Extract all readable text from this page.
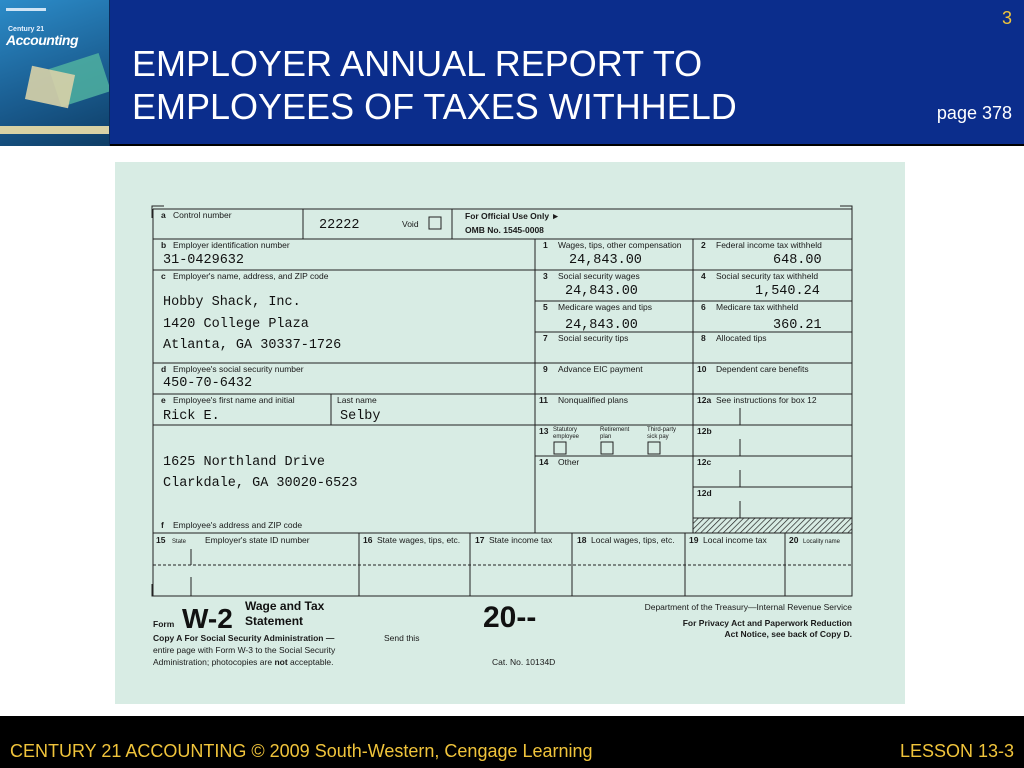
Century 21
Accounting
EMPLOYER ANNUAL REPORT TO
EMPLOYEES OF TAXES WITHHELD
3
page 378
a Control number
22222	Void
For Official Use Only ►
OMB No. 1545-0008
b Employer identification number
31-0429632
1 Wages, tips, other compensation
24,843.00
2 Federal income tax withheld
648.00
c Employer's name, address, and ZIP code
Hobby Shack, Inc.
1420 College Plaza
Atlanta, GA 30337-1726
3 Social security wages
24,843.00
4 Social security tax withheld
1,540.24
5 Medicare wages and tips
24,843.00
6 Medicare tax withheld
360.21
7 Social security tips	8 Allocated tips
d Employee's social security number
450-70-6432
9 Advance EIC payment	10 Dependent care benefits
e Employee's first name and initial	Last name
Rick E.	Selby
11 Nonqualified plans	12a See instructions for box 12
13 Statutory
employee
Retirement
plan
Third-party
sick pay
12b
14 Other	12c
12d
1625 Northland Drive
Clarkdale, GA 30020-6523
f Employee's address and ZIP code
15 State Employer's state ID number	16 State wages, tips, etc. 17 State income tax	18 Local wages, tips, etc. 19 Local income tax	20 Locality name
Form W-2 Wage and Tax
Statement	20--
Copy A For Social Security Administration —	Send this
entire page with Form W-3 to the Social Security
Administration; photocopies are not acceptable.	Cat. No. 10134D
Department of the Treasury—Internal Revenue Service
For Privacy Act and Paperwork Reduction
Act Notice, see back of Copy D.
CENTURY 21 ACCOUNTING © 2009 South-Western, Cengage Learning	LESSON 13-3
